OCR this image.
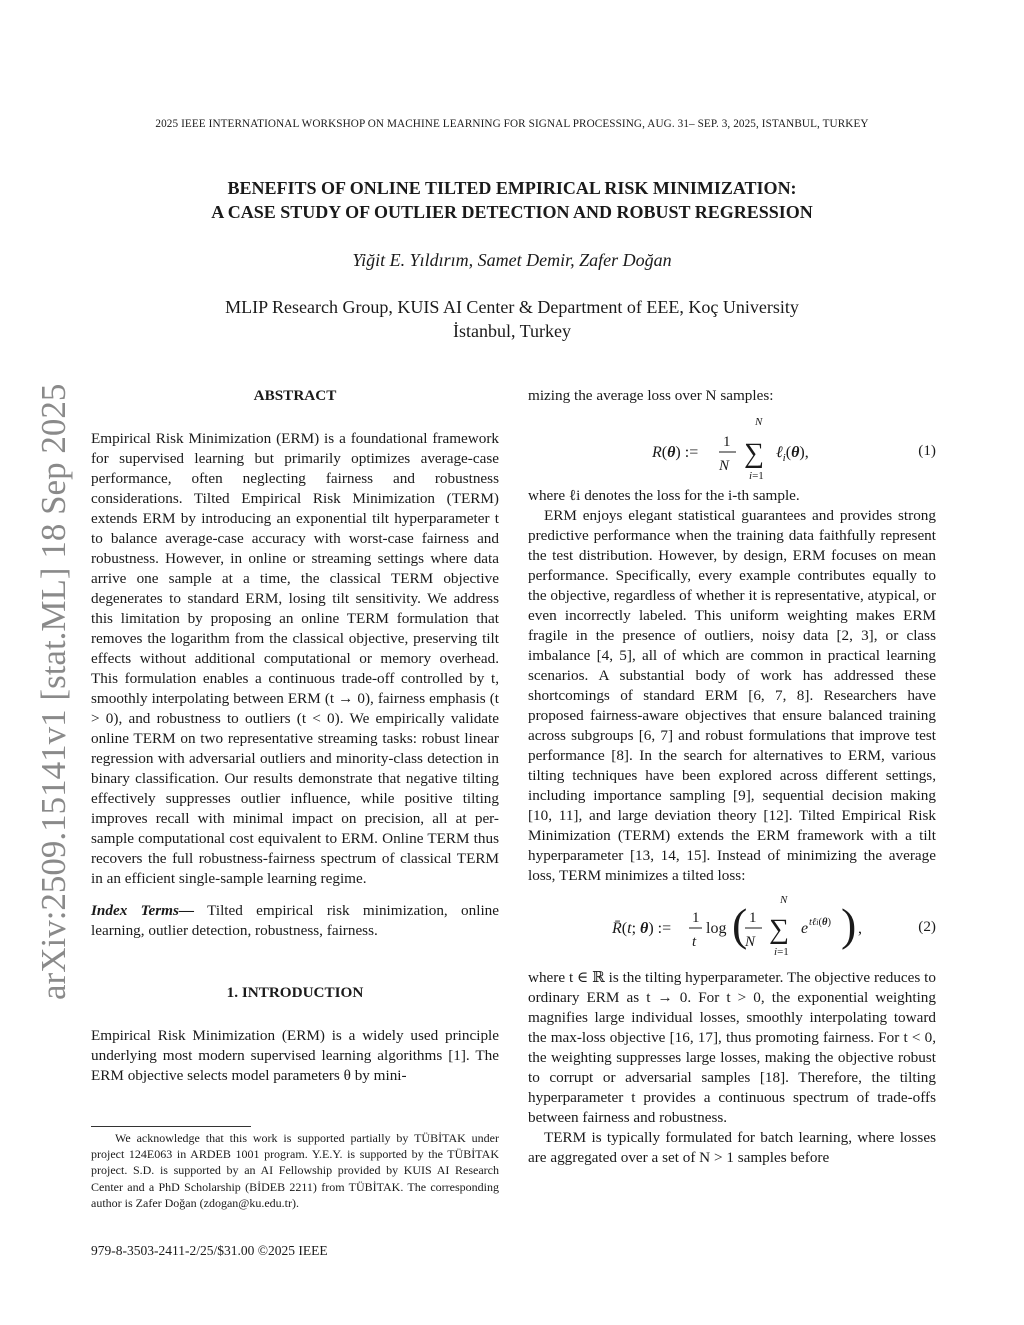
2025 IEEE INTERNATIONAL WORKSHOP ON MACHINE LEARNING FOR SIGNAL PROCESSING, AUG. 31– SEP. 3, 2025, ISTANBUL, TURKEY
BENEFITS OF ONLINE TILTED EMPIRICAL RISK MINIMIZATION:
A CASE STUDY OF OUTLIER DETECTION AND ROBUST REGRESSION
Yiğit E. Yıldırım, Samet Demir, Zafer Doğan
MLIP Research Group, KUIS AI Center & Department of EEE, Koç University
İstanbul, Turkey
arXiv:2509.15141v1 [stat.ML] 18 Sep 2025	ABSTRACT

Empirical Risk Minimization (ERM) is a foundational framework for supervised learning but primarily optimizes average-case performance, often neglecting fairness and robustness considerations. Tilted Empirical Risk Minimization (TERM) extends ERM by introducing an exponential tilt hyperparameter t to balance average-case accuracy with worst-case fairness and robustness. However, in online or streaming settings where data arrive one sample at a time, the classical TERM objective degenerates to standard ERM, losing tilt sensitivity. We address this limitation by proposing an online TERM formulation that removes the logarithm from the classical objective, preserving tilt effects without additional computational or memory overhead. This formulation enables a continuous trade-off controlled by t, smoothly interpolating between ERM (t → 0), fairness emphasis (t > 0), and robustness to outliers (t < 0). We empirically validate online TERM on two representative streaming tasks: robust linear regression with adversarial outliers and minority-class detection in binary classification. Our results demonstrate that negative tilting effectively suppresses outlier influence, while positive tilting improves recall with minimal impact on precision, all at per-sample computational cost equivalent to ERM. Online TERM thus recovers the full robustness-fairness spectrum of classical TERM in an efficient single-sample learning regime.

Index Terms— Tilted empirical risk minimization, online learning, outlier detection, robustness, fairness.

1. INTRODUCTION

Empirical Risk Minimization (ERM) is a widely used principle underlying most modern supervised learning algorithms [1]. The ERM objective selects model parameters θ by mini-

We acknowledge that this work is supported partially by TÜBİTAK under project 124E063 in ARDEB 1001 program. Y.E.Y. is supported by the TÜBİTAK project. S.D. is supported by an AI Fellowship provided by KUIS AI Research Center and a PhD Scholarship (BİDEB 2211) from TÜBİTAK. The corresponding author is Zafer Doğan (zdogan@ku.edu.tr).
979-8-3503-2411-2/25/$31.00 ©2025 IEEE

mizing the average loss over N samples:

R(θ) :=
1
N
N
∑
i=1
ℓ$_i$(θ),	(1)

where ℓi denotes the loss for the i-th sample.

ERM enjoys elegant statistical guarantees and provides strong predictive performance when the training data faithfully represent the test distribution. However, by design, ERM focuses on mean performance. Specifically, every example contributes equally to the objective, regardless of whether it is representative, atypical, or even incorrectly labeled. This uniform weighting makes ERM fragile in the presence of outliers, noisy data [2, 3], or class imbalance [4, 5], all of which are common in practical learning scenarios. A substantial body of work has addressed these shortcomings of standard ERM [6, 7, 8]. Researchers have proposed fairness-aware objectives that ensure balanced training across subgroups [6, 7] and robust formulations that improve test performance [8]. In the search for alternatives to ERM, various tilting techniques have been explored across different settings, including importance sampling [9], sequential decision making [10, 11], and large deviation theory [12]. Tilted Empirical Risk Minimization (TERM) extends the ERM framework with a tilt hyperparameter [13, 14, 15]. Instead of minimizing the average loss, TERM minimizes a tilted loss:

R̄(t; θ) :=
1
t
log ( 1
N
N
∑
i=1
e tℓi(θ) ) ,	(2)

where t ∈ ℝ is the tilting hyperparameter. The objective reduces to ordinary ERM as t → 0. For t > 0, the exponential weighting magnifies large individual losses, smoothly interpolating toward the max-loss objective [16, 17], thus promoting fairness. For t < 0, the weighting suppresses large losses, making the objective robust to corrupt or adversarial samples [18]. Therefore, the tilting hyperparameter t provides a continuous spectrum of trade-offs between fairness and robustness.

TERM is typically formulated for batch learning, where losses are aggregated over a set of N > 1 samples before
